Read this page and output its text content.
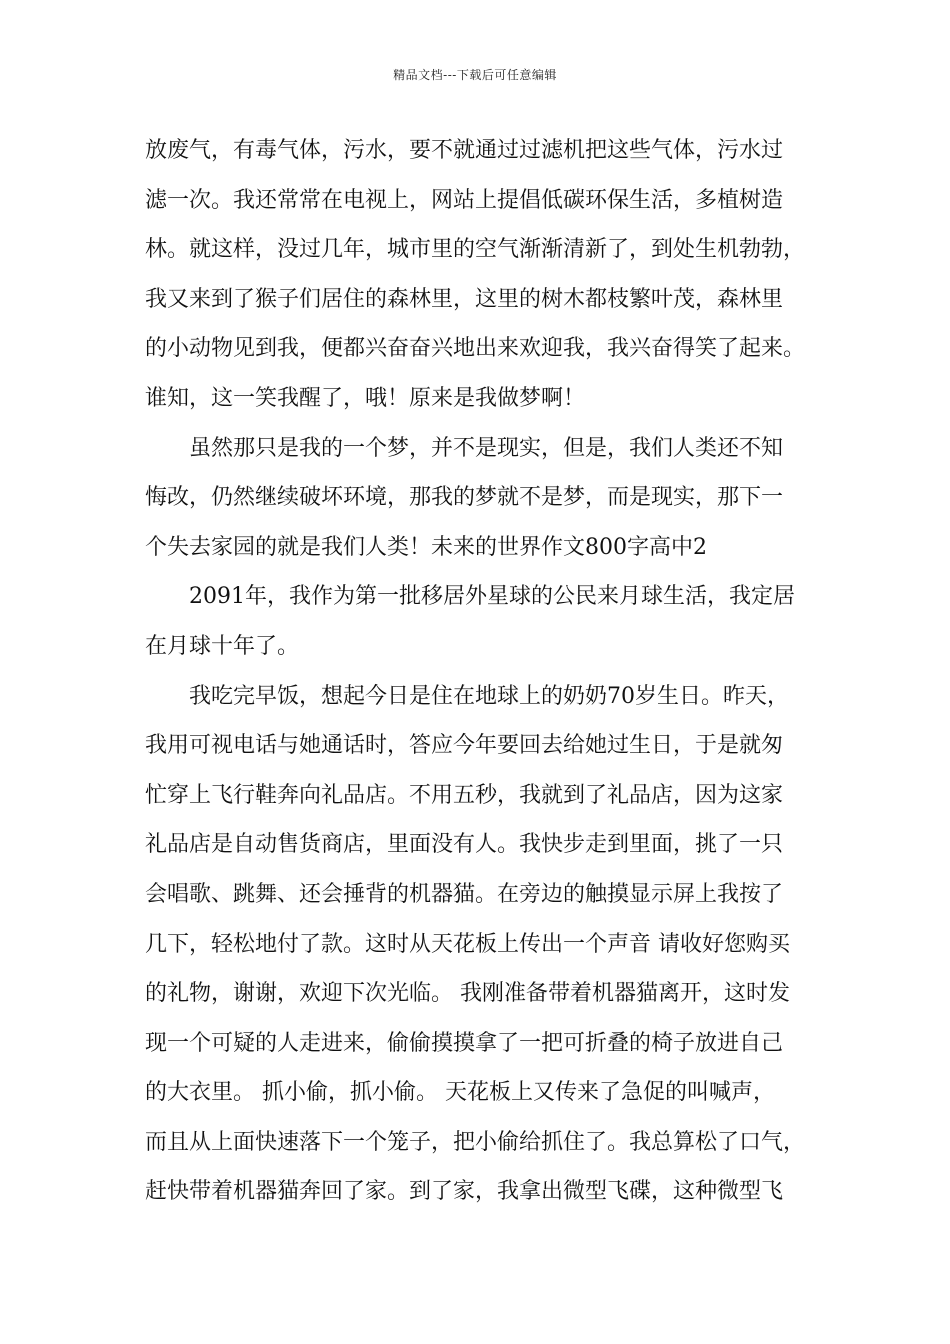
精品文档---下载后可任意编辑
放废气，有毒气体，污水，要不就通过过滤机把这些气体，污水过
滤一次。我还常常在电视上，网站上提倡低碳环保生活，多植树造
林。就这样，没过几年，城市里的空气渐渐清新了，到处生机勃勃，
我又来到了猴子们居住的森林里，这里的树木都枝繁叶茂，森林里
的小动物见到我，便都兴奋奋兴地出来欢迎我，我兴奋得笑了起来。
谁知，这一笑我醒了，哦！原来是我做梦啊！
虽然那只是我的一个梦，并不是现实，但是，我们人类还不知
悔改，仍然继续破坏环境，那我的梦就不是梦，而是现实，那下一
个失去家园的就是我们人类！未来的世界作文800字高中2
2091年，我作为第一批移居外星球的公民来月球生活，我定居
在月球十年了。
我吃完早饭，想起今日是住在地球上的奶奶70岁生日。昨天，
我用可视电话与她通话时，答应今年要回去给她过生日，于是就匆
忙穿上飞行鞋奔向礼品店。不用五秒，我就到了礼品店，因为这家
礼品店是自动售货商店，里面没有人。我快步走到里面，挑了一只
会唱歌、跳舞、还会捶背的机器猫。在旁边的触摸显示屏上我按了
几下，轻松地付了款。这时从天花板上传出一个声音 请收好您购买
的礼物，谢谢，欢迎下次光临。 我刚准备带着机器猫离开，这时发
现一个可疑的人走进来，偷偷摸摸拿了一把可折叠的椅子放进自己
的大衣里。 抓小偷，抓小偷。 天花板上又传来了急促的叫喊声，
而且从上面快速落下一个笼子，把小偷给抓住了。我总算松了口气，
赶快带着机器猫奔回了家。到了家，我拿出微型飞碟，这种微型飞
